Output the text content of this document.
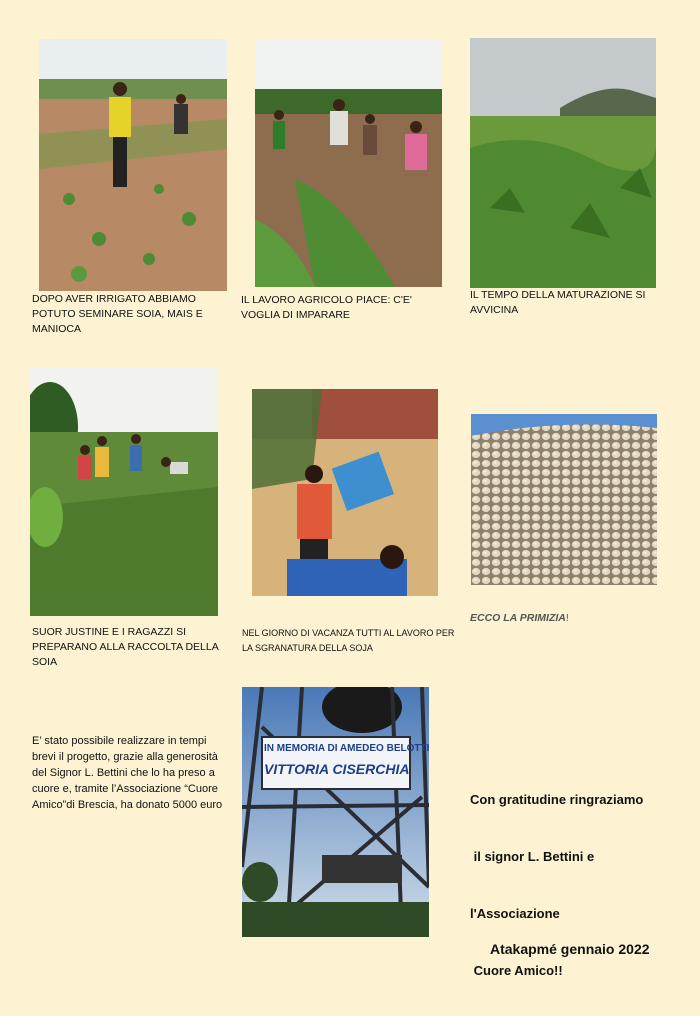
DOPO AVER IRRIGATO ABBIAMO POTUTO SEMINARE SOIA, MAIS E MANIOCA
IL LAVORO AGRICOLO PIACE: C'E' VOGLIA DI IMPARARE
IL TEMPO DELLA MATURAZIONE SI AVVICINA
SUOR JUSTINE E I RAGAZZI SI PREPARANO ALLA RACCOLTA DELLA SOIA
NEL GIORNO DI VACANZA TUTTI AL LAVORO PER LA SGRANATURA DELLA SOJA
ECCO LA PRIMIZIA!
E’ stato possibile realizzare in tempi brevi il progetto, grazie alla generosità del Signor L. Bettini che lo ha preso a cuore e, tramite l’Associazione “Cuore Amico”di Brescia, ha donato 5000 euro
IN MEMORIA DI AMEDEO BELOTTI
VITTORIA CISERCHIA

Con gratitudine ringraziamo

il signor L. Bettini e

l'Associazione

Cuore Amico!!

Atakapmé gennaio 2022
